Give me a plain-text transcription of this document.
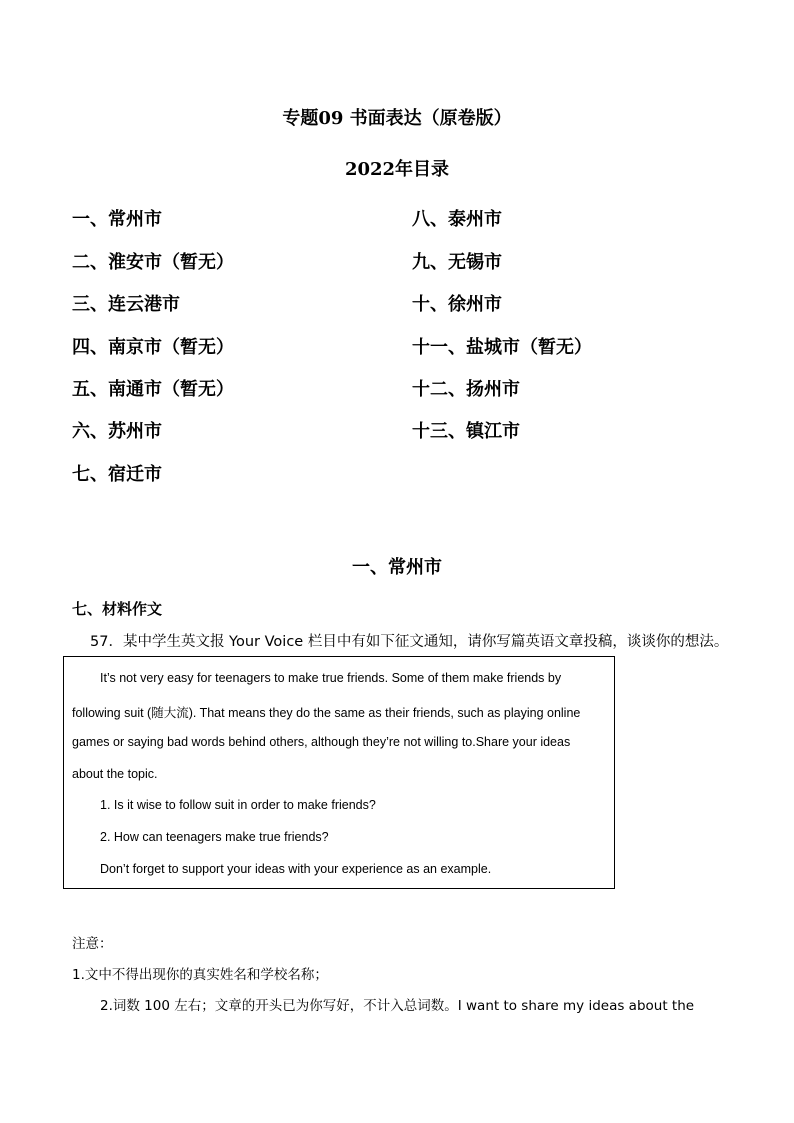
专题09 书面表达（原卷版）
2022年目录
一、常州市
二、淮安市（暂无）
三、连云港市
四、南京市（暂无）
五、南通市（暂无）
六、苏州市
七、宿迁市
八、泰州市
九、无锡市
十、徐州市
十一、盐城市（暂无）
十二、扬州市
十三、镇江市
一、常州市
七、材料作文
57．某中学生英文报 Your Voice 栏目中有如下征文通知，请你写篇英语文章投稿，谈谈你的想法。
It’s not very easy for teenagers to make true friends. Some of them make friends by
following suit (随大流). That means they do the same as their friends, such as playing online
games or saying bad words behind others, although they’re not willing to.Share your ideas
about the topic.
1. Is it wise to follow suit in order to make friends?
2. How can teenagers make true friends?
Don’t forget to support your ideas with your experience as an example.
注意：
1.文中不得出现你的真实姓名和学校名称；
2.词数 100 左右；文章的开头已为你写好，不计入总词数。I want to share my ideas about the
